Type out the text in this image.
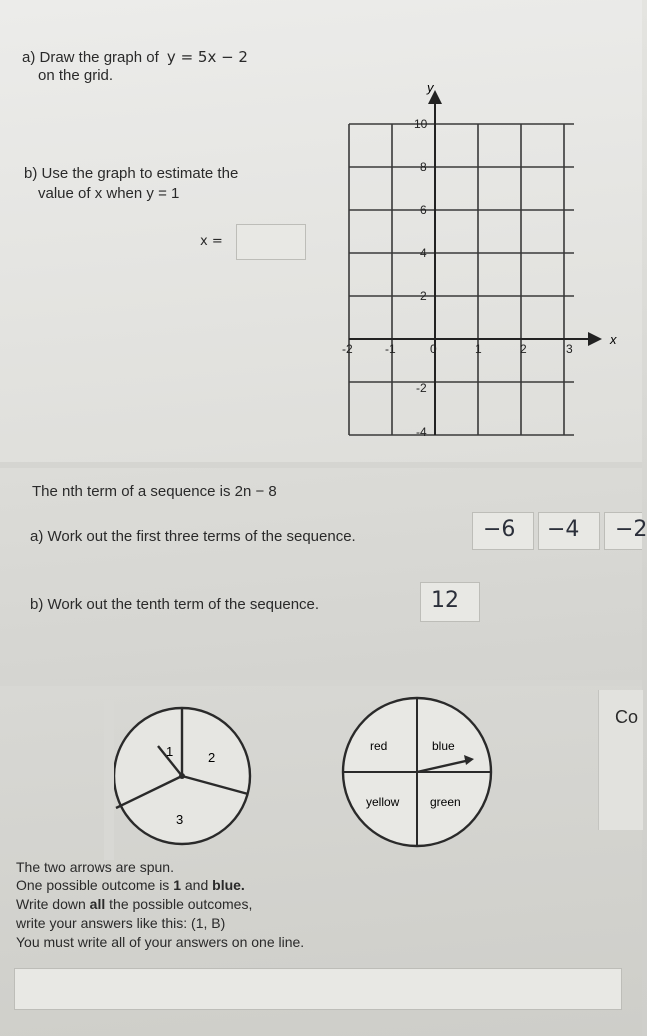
a) Draw the graph of y = 5x − 2
on the grid.
b) Use the graph to estimate the
value of x when y = 1
x =
y
x
10
8
6
4
2
-2
-4
-2	-1	0	1	2	3
The nth term of a sequence is 2n − 8
a) Work out the first three terms of the sequence.	−6 −4 −2
b) Work out the tenth term of the sequence.	12
Co
1	2
3
red	blue
yellow	green
The two arrows are spun.
One possible outcome is 1 and blue.
Write down all the possible outcomes,
write your answers like this: (1, B)
You must write all of your answers on one line.
